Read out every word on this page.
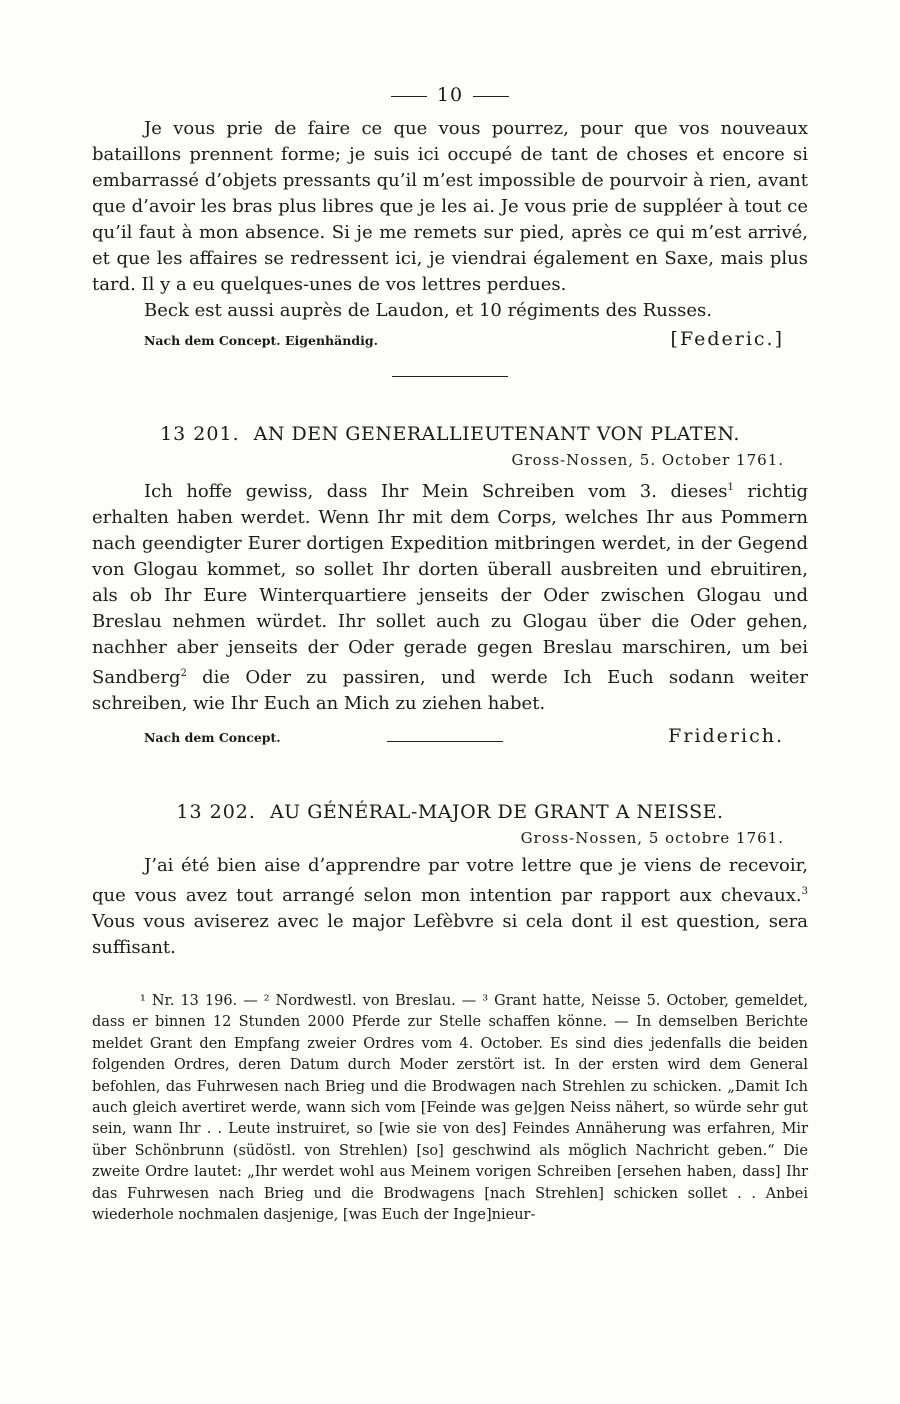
10

Je vous prie de faire ce que vous pourrez, pour que vos nouveaux bataillons prennent forme; je suis ici occupé de tant de choses et encore si embarrassé d’objets pressants qu’il m’est impossible de pourvoir à rien, avant que d’avoir les bras plus libres que je les ai. Je vous prie de suppléer à tout ce qu’il faut à mon absence. Si je me remets sur pied, après ce qui m’est arrivé, et que les affaires se redressent ici, je viendrai également en Saxe, mais plus tard. Il y a eu quelques-unes de vos lettres perdues.

Beck est aussi auprès de Laudon, et 10 régiments des Russes.

Nach dem Concept. Eigenhändig.	[Federic.]
13 201. AN DEN GENERALLIEUTENANT VON PLATEN.
Gross-Nossen, 5. October 1761.

Ich hoffe gewiss, dass Ihr Mein Schreiben vom 3. dieses$^1$ richtig erhalten haben werdet. Wenn Ihr mit dem Corps, welches Ihr aus Pommern nach geendigter Eurer dortigen Expedition mitbringen werdet, in der Gegend von Glogau kommet, so sollet Ihr dorten überall ausbreiten und ebruitiren, als ob Ihr Eure Winterquartiere jenseits der Oder zwischen Glogau und Breslau nehmen würdet. Ihr sollet auch zu Glogau über die Oder gehen, nachher aber jenseits der Oder gerade gegen Breslau marschiren, um bei Sandberg$^2$ die Oder zu passiren, und werde Ich Euch sodann weiter schreiben, wie Ihr Euch an Mich zu ziehen habet.

Nach dem Concept.	Friderich.
13 202. AU GÉNÉRAL-MAJOR DE GRANT A NEISSE.
Gross-Nossen, 5 octobre 1761.

J’ai été bien aise d’apprendre par votre lettre que je viens de recevoir, que vous avez tout arrangé selon mon intention par rapport aux chevaux.$^3$ Vous vous aviserez avec le major Lefèbvre si cela dont il est question, sera suffisant.

¹ Nr. 13 196. — ² Nordwestl. von Breslau. — ³ Grant hatte, Neisse 5. October, gemeldet, dass er binnen 12 Stunden 2000 Pferde zur Stelle schaffen könne. — In demselben Berichte meldet Grant den Empfang zweier Ordres vom 4. October. Es sind dies jedenfalls die beiden folgenden Ordres, deren Datum durch Moder zerstört ist. In der ersten wird dem General befohlen, das Fuhrwesen nach Brieg und die Brodwagen nach Strehlen zu schicken. „Damit Ich auch gleich avertiret werde, wann sich vom [Feinde was ge]gen Neiss nähert, so würde sehr gut sein, wann Ihr . . Leute instruiret, so [wie sie von des] Feindes Annäherung was erfahren, Mir über Schönbrunn (südöstl. von Strehlen) [so] geschwind als möglich Nachricht geben.“ Die zweite Ordre lautet: „Ihr werdet wohl aus Meinem vorigen Schreiben [ersehen haben, dass] Ihr das Fuhrwesen nach Brieg und die Brodwagens [nach Strehlen] schicken sollet . . Anbei wiederhole nochmalen dasjenige, [was Euch der Inge]nieur-
